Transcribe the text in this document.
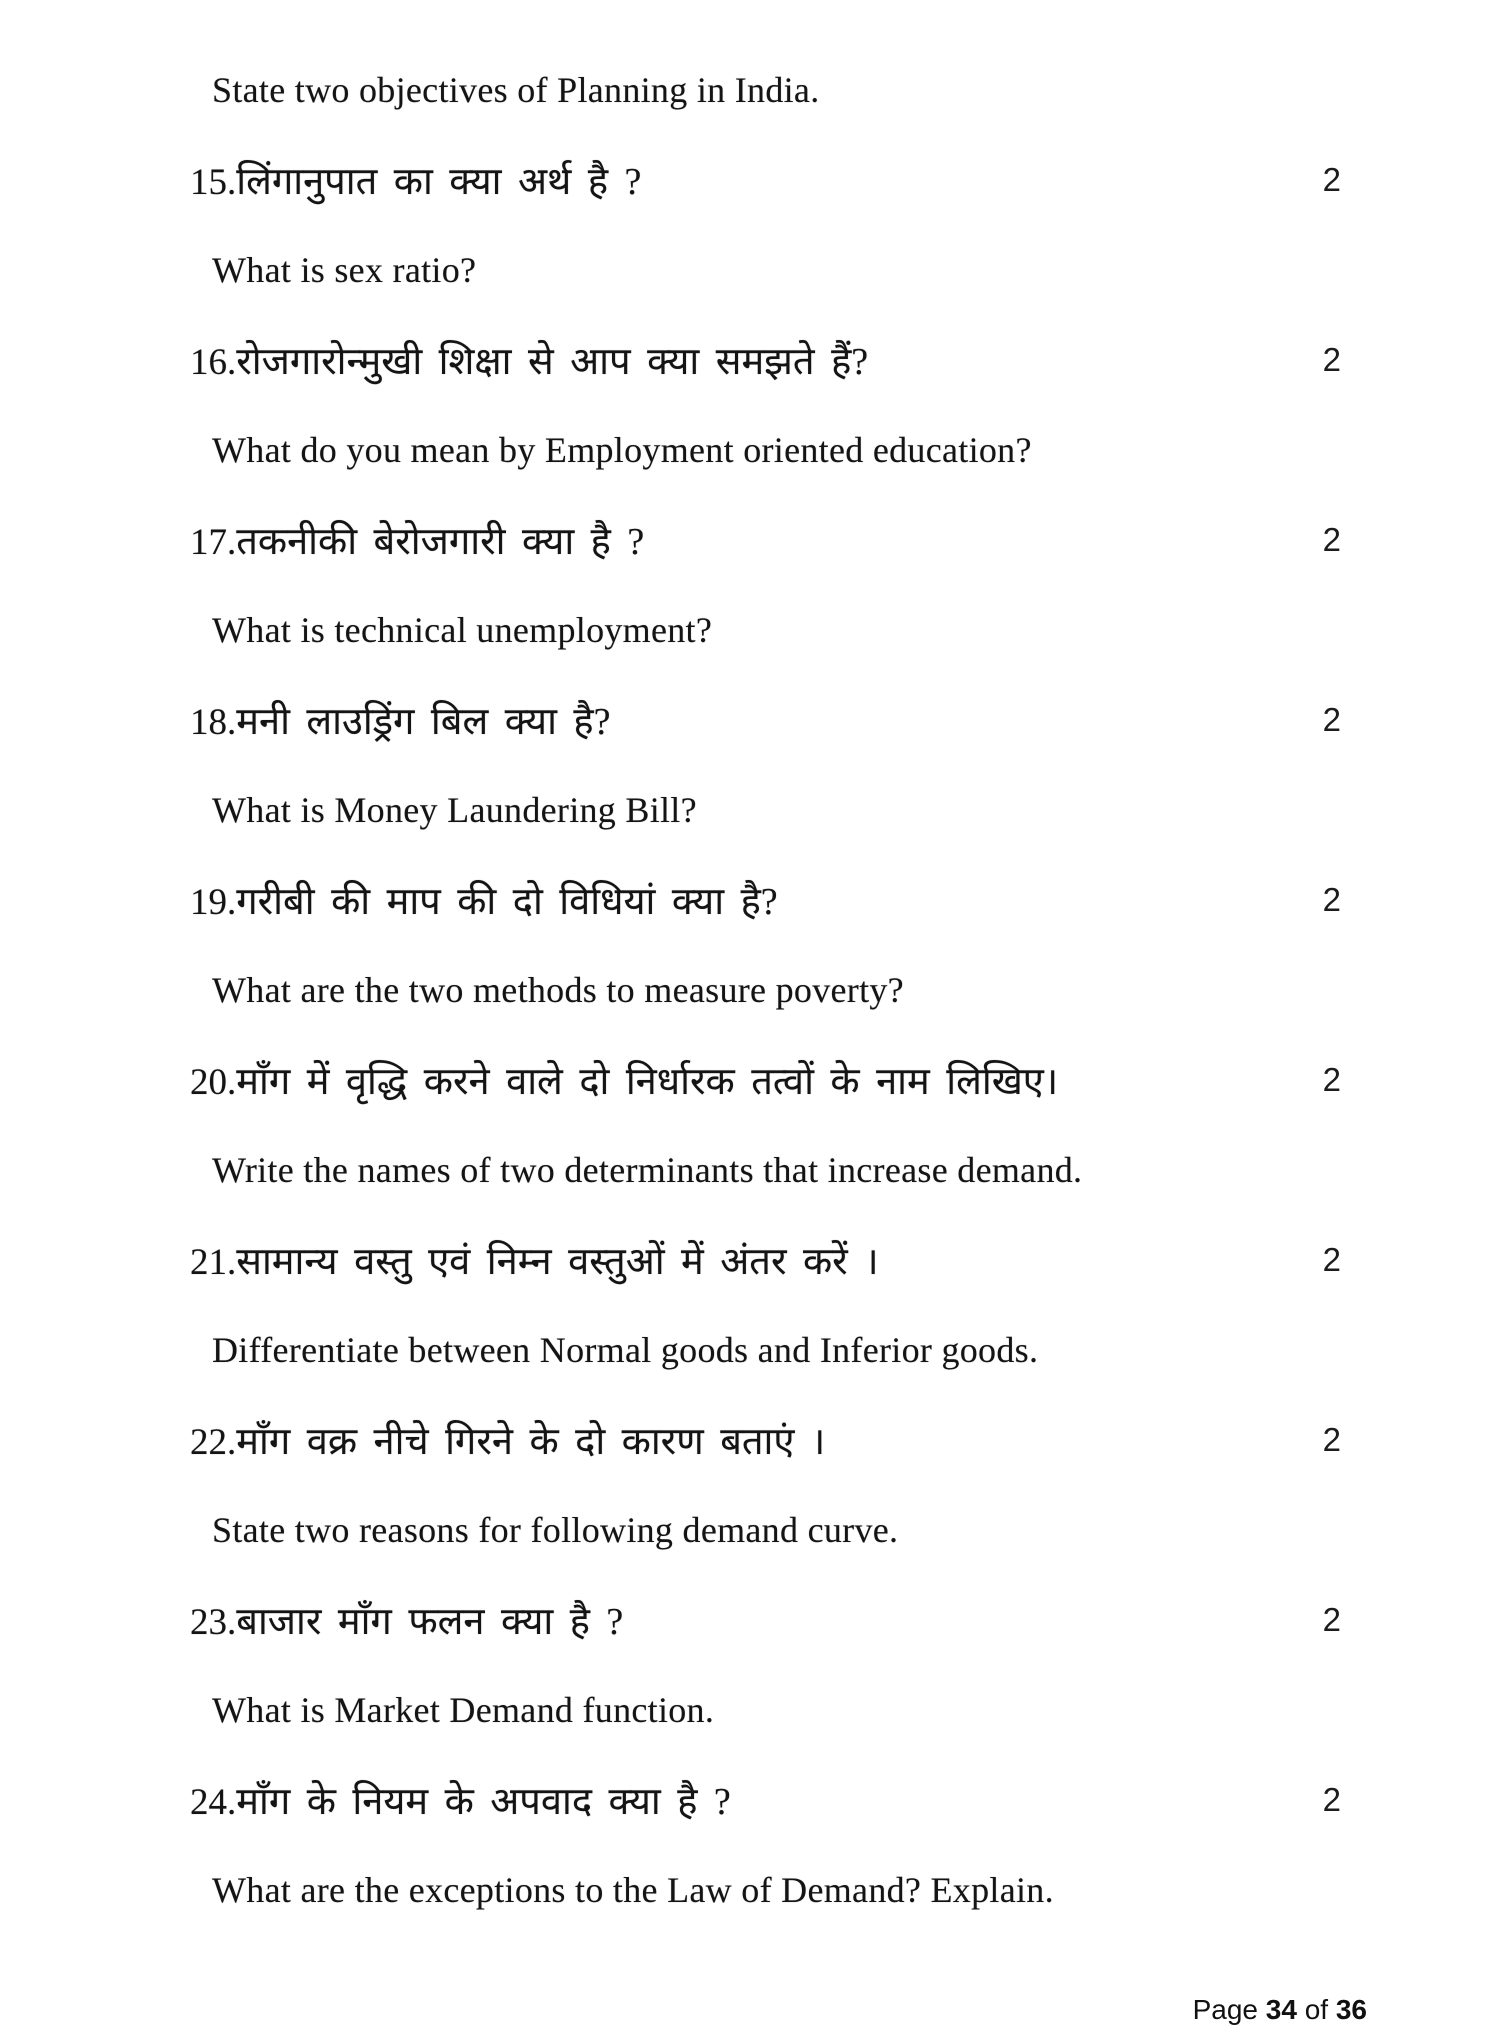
State two objectives of Planning in India.
15. लिंगानुपात का क्या अर्थ है ?	2
What is sex ratio?
16. रोजगारोन्मुखी शिक्षा से आप क्या समझते हैं?	2
What do you mean by Employment oriented education?
17. तकनीकी बेरोजगारी क्या है ?	2
What is technical unemployment?
18. मनी लाउड्रिंग बिल क्या है?	2
What is Money Laundering Bill?
19. गरीबी की माप की दो विधियां क्या है?	2
What are the two methods to measure poverty?
20. माँग में वृद्धि करने वाले दो निर्धारक तत्वों के नाम लिखिए।	2
Write the names of two determinants that increase demand.
21. सामान्य वस्तु एवं निम्न वस्तुओं में अंतर करें ।	2
Differentiate between Normal goods and Inferior goods.
22. माँग वक्र नीचे गिरने के दो कारण बताएं ।	2
State two reasons for following demand curve.
23. बाजार माँग फलन क्या है ?	2
What is Market Demand function.
24. माँग के नियम के अपवाद क्या है ?	2
What are the exceptions to the Law of Demand? Explain.
Page 34 of 36
